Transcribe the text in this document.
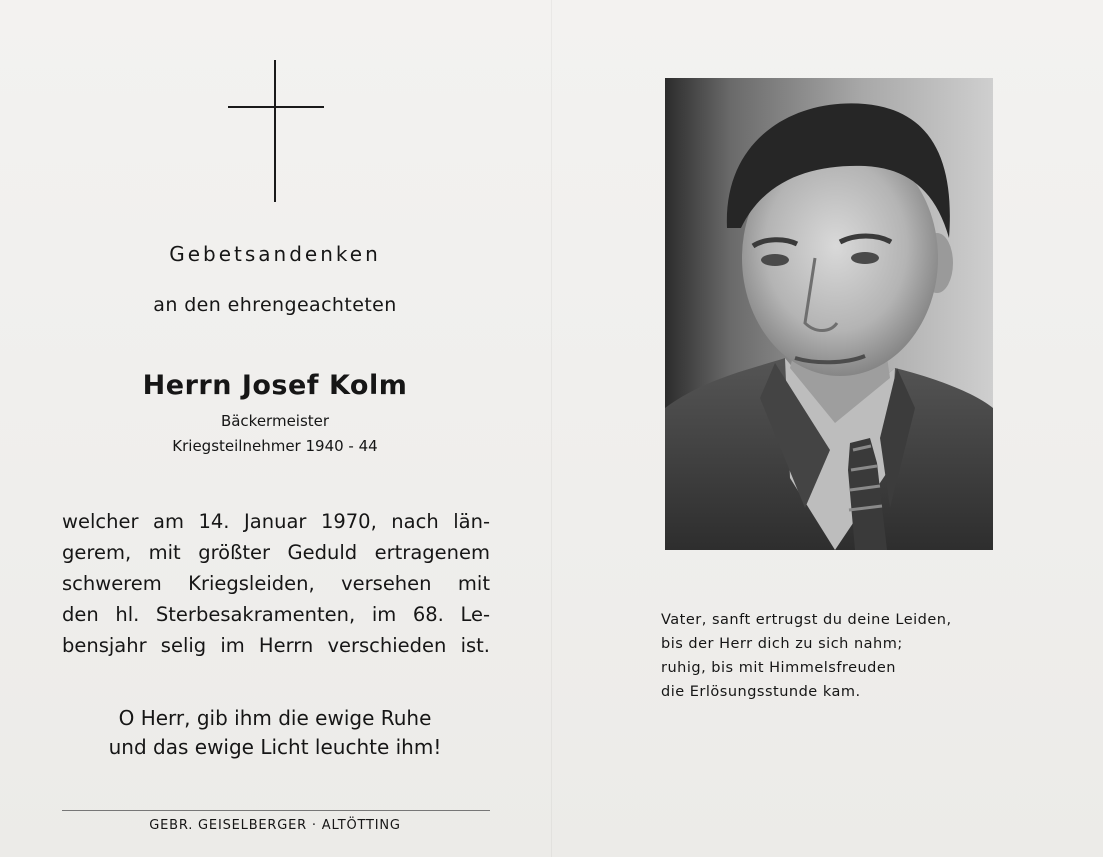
Gebetsandenken

an den ehrengeachteten

Herrn Josef Kolm

Bäckermeister

Kriegsteilnehmer 1940 - 44

welcher am 14. Januar 1970, nach län-
gerem, mit größter Geduld ertragenem
schwerem Kriegsleiden, versehen mit
den hl. Sterbesakramenten, im 68. Le-
bensjahr selig im Herrn verschieden ist.

O Herr, gib ihm die ewige Ruhe
und das ewige Licht leuchte ihm!

GEBR. GEISELBERGER · ALTÖTTING

Vater, sanft ertrugst du deine Leiden,
bis der Herr dich zu sich nahm;
ruhig, bis mit Himmelsfreuden
die Erlösungsstunde kam.
